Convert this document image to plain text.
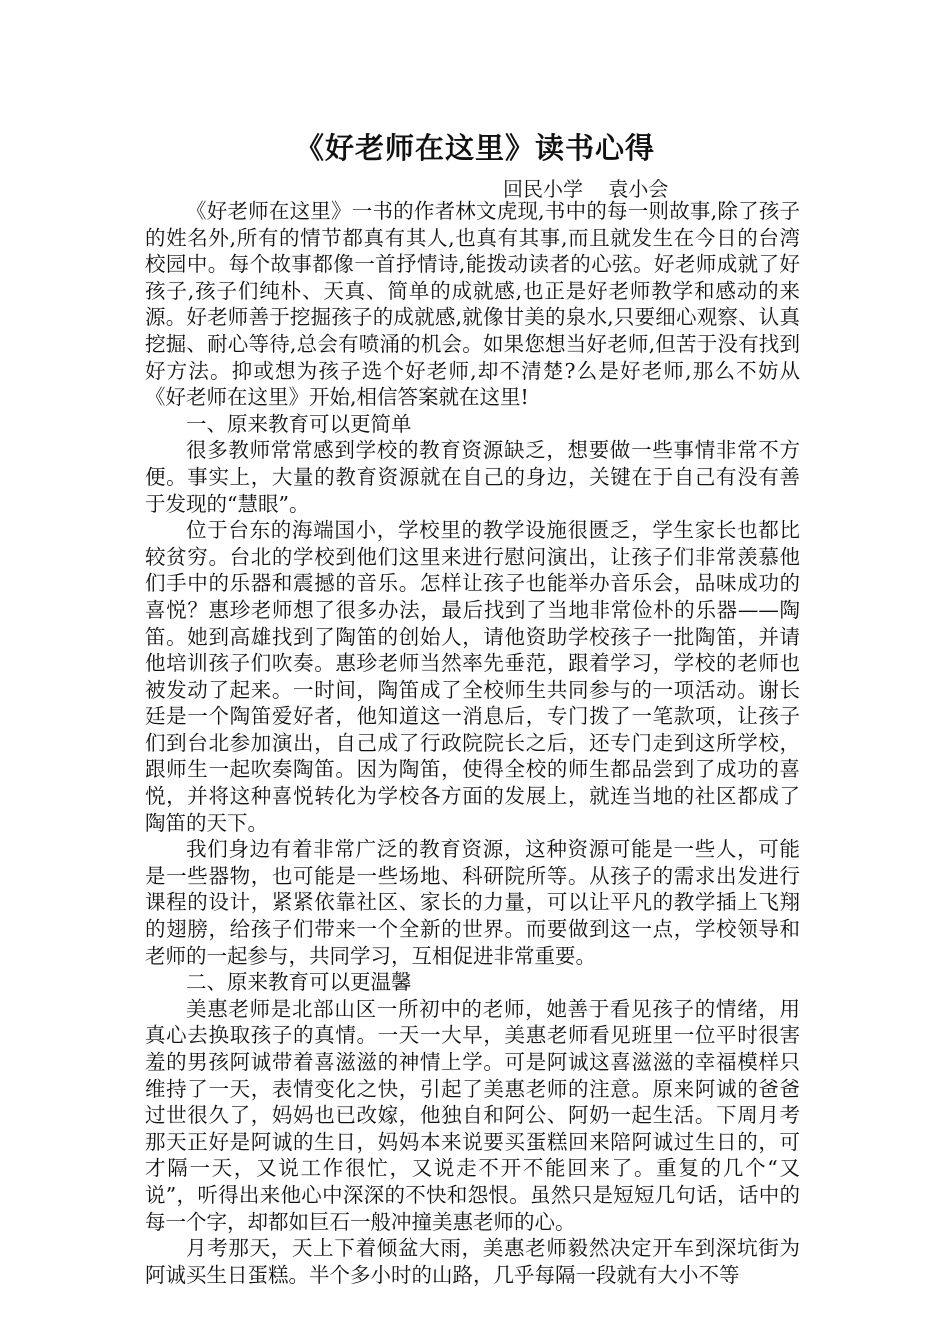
《好老师在这里》读书心得
回民小学    袁小会

《好老师在这里》一书的作者林文虎现,书中的每一则故事,除了孩子的姓名外,所有的情节都真有其人,也真有其事,而且就发生在今日的台湾校园中。每个故事都像一首抒情诗,能拨动读者的心弦。好老师成就了好孩子,孩子们纯朴、天真、简单的成就感,也正是好老师教学和感动的来源。好老师善于挖掘孩子的成就感,就像甘美的泉水,只要细心观察、认真挖掘、耐心等待,总会有喷涌的机会。如果您想当好老师,但苦于没有找到好方法。抑或想为孩子选个好老师,却不清楚?么是好老师,那么不妨从《好老师在这里》开始,相信答案就在这里!

一、原来教育可以更简单

很多教师常常感到学校的教育资源缺乏，想要做一些事情非常不方便。事实上，大量的教育资源就在自己的身边，关键在于自己有没有善于发现的“慧眼”。

位于台东的海端国小，学校里的教学设施很匮乏，学生家长也都比较贫穷。台北的学校到他们这里来进行慰问演出，让孩子们非常羡慕他们手中的乐器和震撼的音乐。怎样让孩子也能举办音乐会，品味成功的喜悦？惠珍老师想了很多办法，最后找到了当地非常俭朴的乐器——陶笛。她到高雄找到了陶笛的创始人，请他资助学校孩子一批陶笛，并请他培训孩子们吹奏。惠珍老师当然率先垂范，跟着学习，学校的老师也被发动了起来。一时间，陶笛成了全校师生共同参与的一项活动。谢长廷是一个陶笛爱好者，他知道这一消息后，专门拨了一笔款项，让孩子们到台北参加演出，自己成了行政院院长之后，还专门走到这所学校，跟师生一起吹奏陶笛。因为陶笛，使得全校的师生都品尝到了成功的喜悦，并将这种喜悦转化为学校各方面的发展上，就连当地的社区都成了陶笛的天下。

我们身边有着非常广泛的教育资源，这种资源可能是一些人，可能是一些器物，也可能是一些场地、科研院所等。从孩子的需求出发进行课程的设计，紧紧依靠社区、家长的力量，可以让平凡的教学插上飞翔的翅膀，给孩子们带来一个全新的世界。而要做到这一点，学校领导和老师的一起参与，共同学习，互相促进非常重要。

二、原来教育可以更温馨

美惠老师是北部山区一所初中的老师，她善于看见孩子的情绪，用真心去换取孩子的真情。一天一大早，美惠老师看见班里一位平时很害羞的男孩阿诚带着喜滋滋的神情上学。可是阿诚这喜滋滋的幸福模样只维持了一天，表情变化之快，引起了美惠老师的注意。原来阿诚的爸爸过世很久了，妈妈也已改嫁，他独自和阿公、阿奶一起生活。下周月考那天正好是阿诚的生日，妈妈本来说要买蛋糕回来陪阿诚过生日的，可才隔一天，又说工作很忙，又说走不开不能回来了。重复的几个“又说”，听得出来他心中深深的不快和怨恨。虽然只是短短几句话，话中的每一个字，却都如巨石一般冲撞美惠老师的心。

月考那天，天上下着倾盆大雨，美惠老师毅然决定开车到深坑街为阿诚买生日蛋糕。半个多小时的山路，几乎每隔一段就有大小不等
